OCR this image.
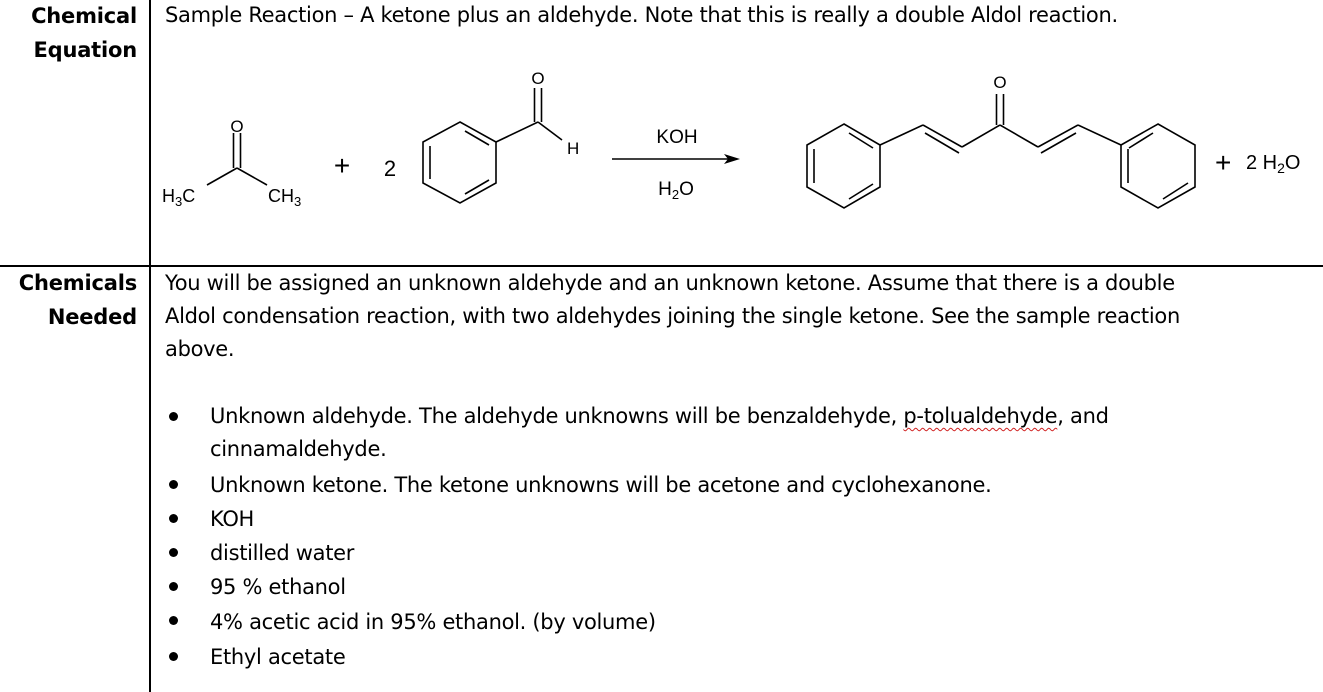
Chemical
Equation
Sample Reaction – A ketone plus an aldehyde. Note that this is really a double Aldol reaction.
O
$H_3C$	$CH_3$
+ 2
O
H
KOH
$H_2O$
O
+ 2 $H_2O$
Chemicals
Needed
You will be assigned an unknown aldehyde and an unknown ketone. Assume that there is a double
Aldol condensation reaction, with two aldehydes joining the single ketone. See the sample reaction
above.
Unknown aldehyde. The aldehyde unknowns will be benzaldehyde, p-tolualdehyde, and
cinnamaldehyde.
Unknown ketone. The ketone unknowns will be acetone and cyclohexanone.
KOH
distilled water
95 % ethanol
4% acetic acid in 95% ethanol. (by volume)
Ethyl acetate
